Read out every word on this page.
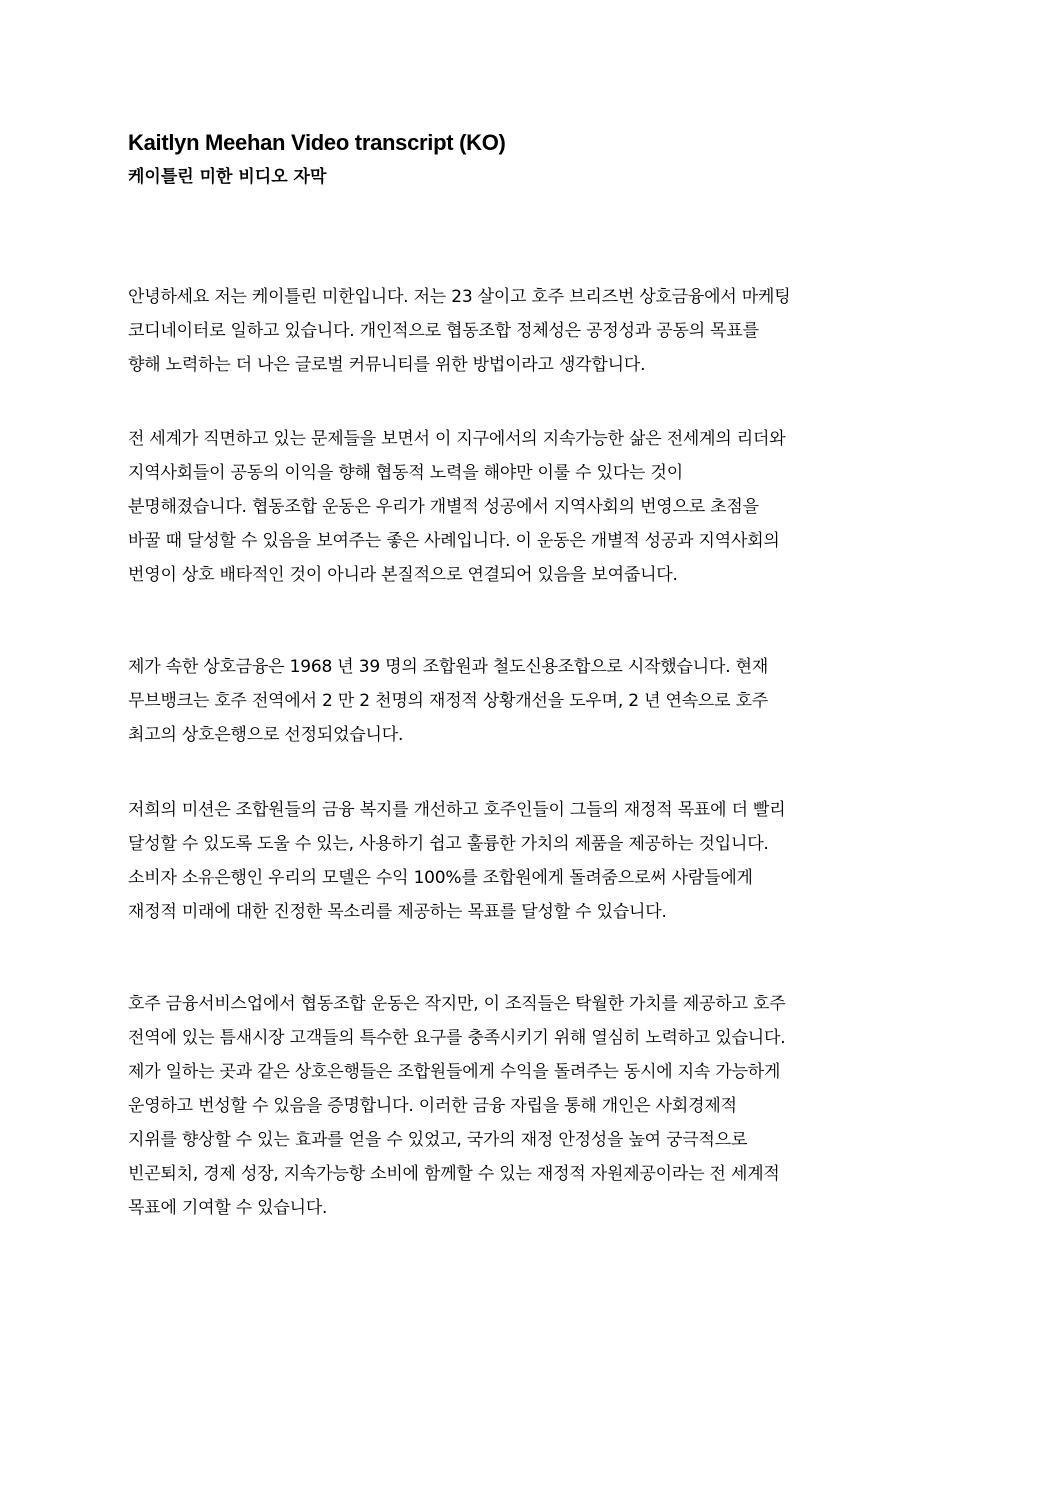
Kaitlyn Meehan Video transcript (KO)
케이틀린 미한 비디오 자막

안녕하세요 저는 케이틀린 미한입니다. 저는 23 살이고 호주 브리즈번 상호금융에서 마케팅
코디네이터로 일하고 있습니다. 개인적으로 협동조합 정체성은 공정성과 공동의 목표를
향해 노력하는 더 나은 글로벌 커뮤니티를 위한 방법이라고 생각합니다.

전 세계가 직면하고 있는 문제들을 보면서 이 지구에서의 지속가능한 삶은 전세계의 리더와
지역사회들이 공동의 이익을 향해 협동적 노력을 해야만 이룰 수 있다는 것이
분명해졌습니다. 협동조합 운동은 우리가 개별적 성공에서 지역사회의 번영으로 초점을
바꿀 때 달성할 수 있음을 보여주는 좋은 사례입니다. 이 운동은 개별적 성공과 지역사회의
번영이 상호 배타적인 것이 아니라 본질적으로 연결되어 있음을 보여줍니다.

제가 속한 상호금융은 1968 년 39 명의 조합원과 철도신용조합으로 시작했습니다. 현재
무브뱅크는 호주 전역에서 2 만 2 천명의 재정적 상황개선을 도우며, 2 년 연속으로 호주
최고의 상호은행으로 선정되었습니다.

저희의 미션은 조합원들의 금융 복지를 개선하고 호주인들이 그들의 재정적 목표에 더 빨리
달성할 수 있도록 도울 수 있는, 사용하기 쉽고 훌륭한 가치의 제품을 제공하는 것입니다.
소비자 소유은행인 우리의 모델은 수익 100%를 조합원에게 돌려줌으로써 사람들에게
재정적 미래에 대한 진정한 목소리를 제공하는 목표를 달성할 수 있습니다.

호주 금융서비스업에서 협동조합 운동은 작지만, 이 조직들은 탁월한 가치를 제공하고 호주
전역에 있는 틈새시장 고객들의 특수한 요구를 충족시키기 위해 열심히 노력하고 있습니다.
제가 일하는 곳과 같은 상호은행들은 조합원들에게 수익을 돌려주는 동시에 지속 가능하게
운영하고 번성할 수 있음을 증명합니다. 이러한 금융 자립을 통해 개인은 사회경제적
지위를 향상할 수 있는 효과를 얻을 수 있었고, 국가의 재정 안정성을 높여 궁극적으로
빈곤퇴치, 경제 성장, 지속가능항 소비에 함께할 수 있는 재정적 자원제공이라는 전 세계적
목표에 기여할 수 있습니다.
